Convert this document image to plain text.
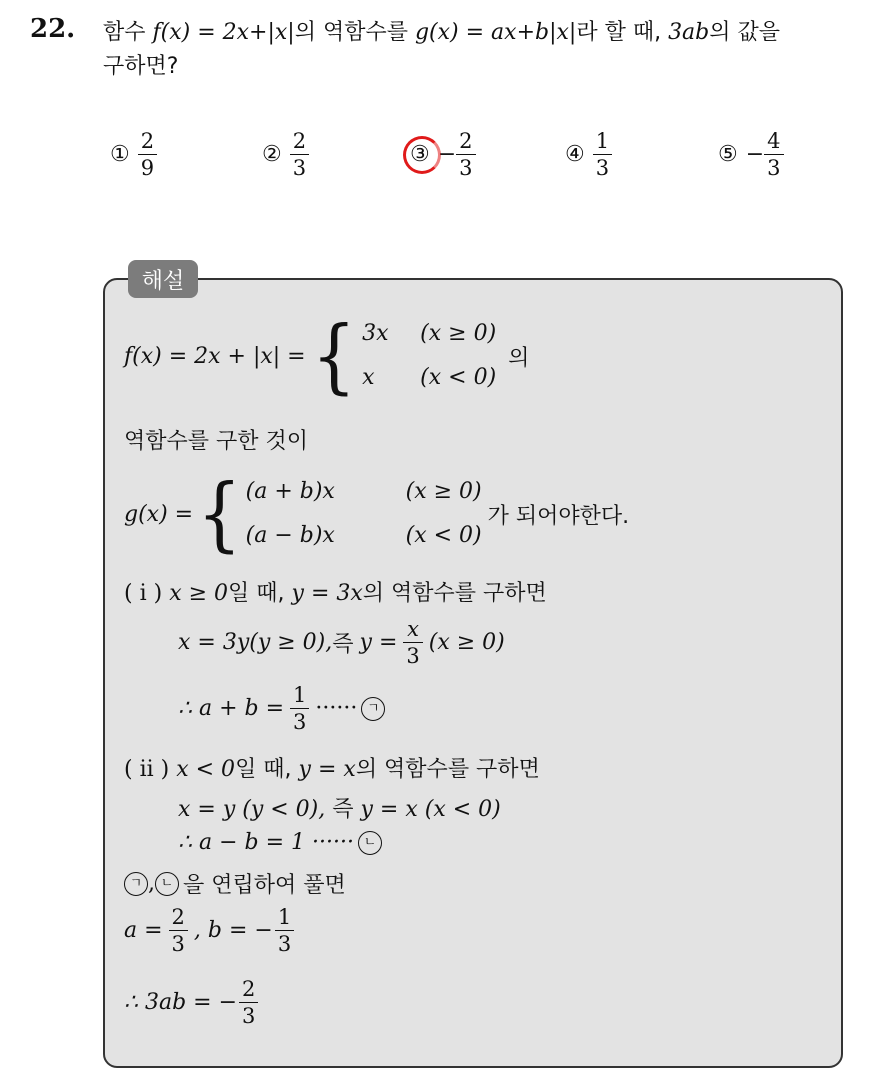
22. 함수 f(x) = 2x+|x|의 역함수를 g(x) = ax+b|x|라 할 때, 3ab의 값을
구하면?
① $\frac{2}{9}$	② $\frac{2}{3}$	③ − $\frac{2}{3}$	④ $\frac{1}{3}$	⑤ − $\frac{4}{3}$
해설
f(x) = 2x + |x| = { 3x (x ≥ 0)
x (x < 0)
의
역함수를 구한 것이
g(x) = { (a + b)x	(x ≥ 0)
(a − b)x	(x < 0)
가 되어야한다.
( i ) x ≥ 0일 때, y = 3x의 역함수를 구하면
x = 3y(y ≥ 0), 즉 $y = \frac{x}{3} (x \ge 0)$
∴ $a + b = \frac{1}{3}$ ······ ㄱ
( ii ) x < 0일 때, y = x의 역함수를 구하면
x = y (y < 0), 즉 y = x (x < 0)
∴ a − b = 1 ······ ㄴ
ㄱ , ㄴ 을 연립하여 풀면
$a = \frac{2}{3}$ , b = − $\frac{1}{3}$
∴ 3ab = − $\frac{2}{3}$
